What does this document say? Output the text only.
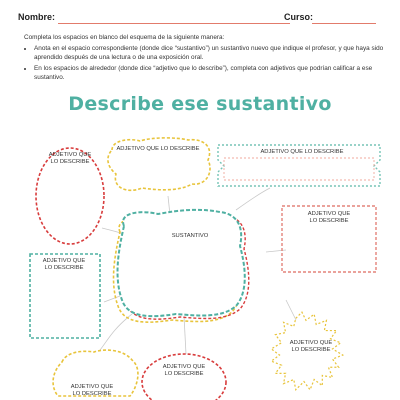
Nombre:	Curso:

Completa los espacios en blanco del esquema de la siguiente manera:

• Anota en el espacio correspondiente (donde dice “sustantivo”) un sustantivo nuevo que indique el profesor, y que haya sido aprendido después de una lectura o de una exposición oral.
• En los espacios de alrededor (donde dice “adjetivo que lo describe”), completa con adjetivos que podrían calificar a ese sustantivo.
Describe ese sustantivo
ADJETIVO QUE
LO DESCRIBE
ADJETIVO QUE LO DESCRIBE	ADJETIVO QUE LO DESCRIBE
SUSTANTIVO
ADJETIVO QUE
LO DESCRIBE
ADJETIVO QUE
LO DESCRIBE
ADJETIVO QUE
LO DESCRIBE
ADJETIVO QUE
LO DESCRIBE
ADJETIVO QUE
LO DESCRIBE
